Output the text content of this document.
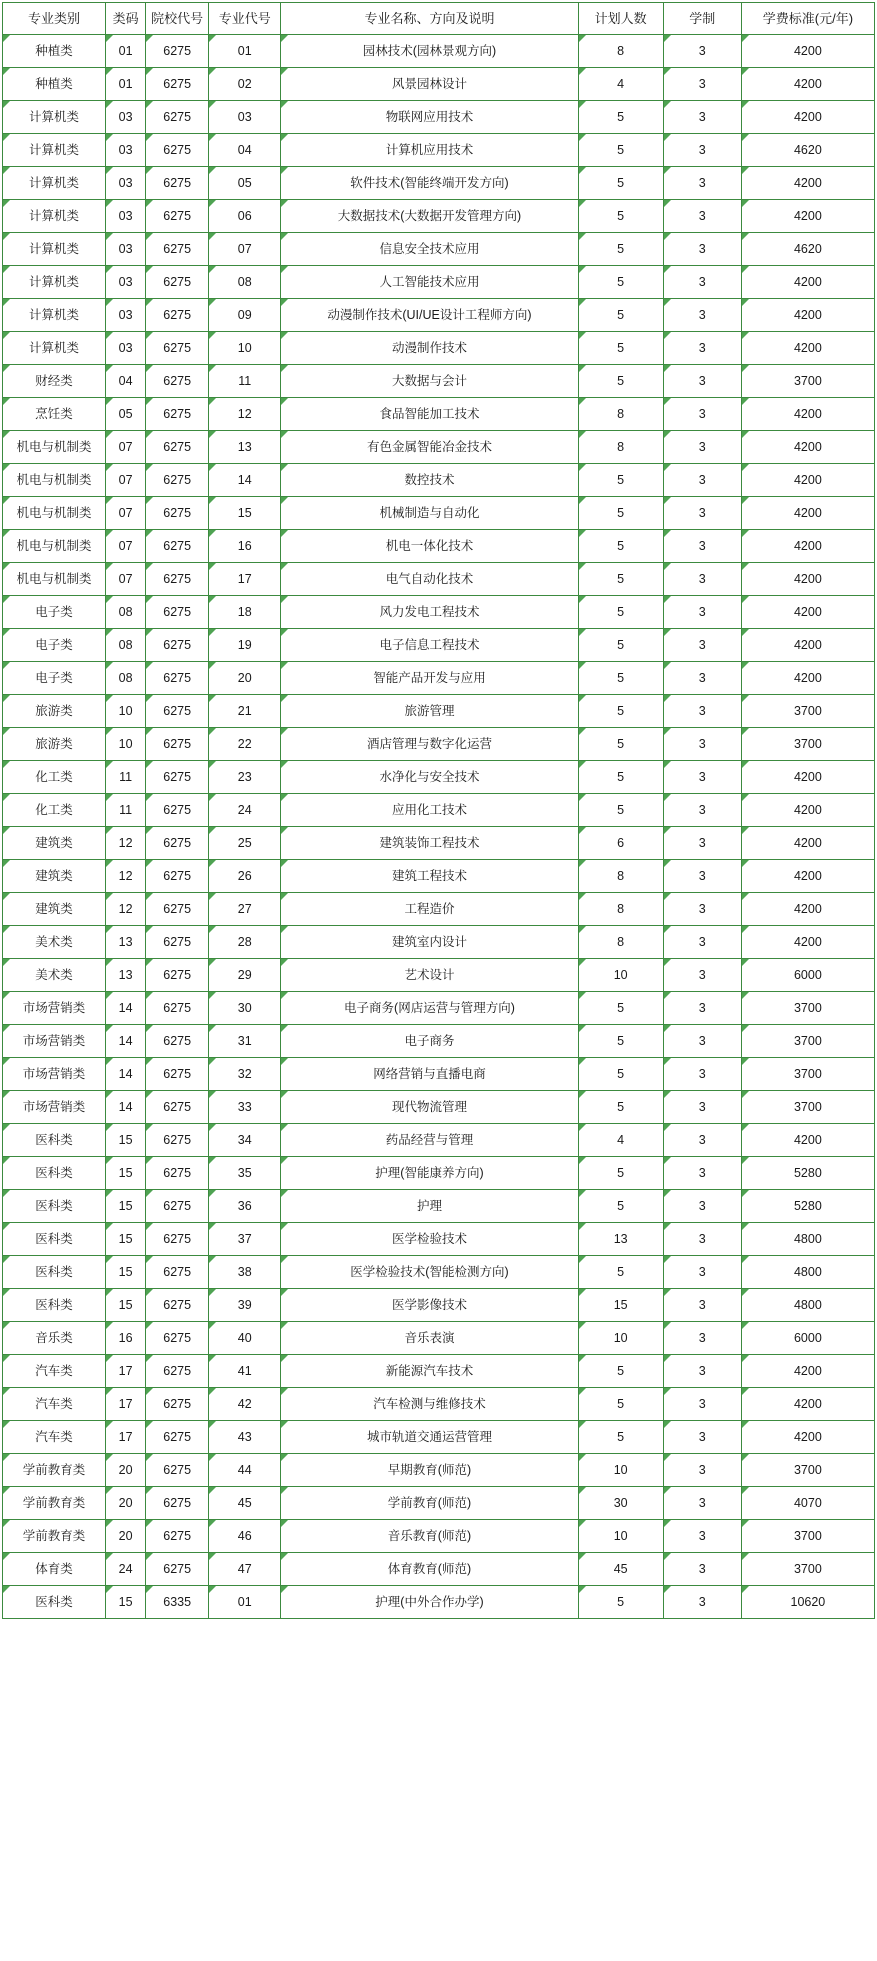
专业类别	类码	院校代号	专业代号	专业名称、方向及说明	计划人数	学制	学费标准(元/年)
种植类	01	6275	01	园林技术(园林景观方向)	8	3	4200
种植类	01	6275	02	风景园林设计	4	3	4200
计算机类	03	6275	03	物联网应用技术	5	3	4200
计算机类	03	6275	04	计算机应用技术	5	3	4620
计算机类	03	6275	05	软件技术(智能终端开发方向)	5	3	4200
计算机类	03	6275	06	大数据技术(大数据开发管理方向)	5	3	4200
计算机类	03	6275	07	信息安全技术应用	5	3	4620
计算机类	03	6275	08	人工智能技术应用	5	3	4200
计算机类	03	6275	09	动漫制作技术(UI/UE设计工程师方向)	5	3	4200
计算机类	03	6275	10	动漫制作技术	5	3	4200
财经类	04	6275	11	大数据与会计	5	3	3700
烹饪类	05	6275	12	食品智能加工技术	8	3	4200
机电与机制类	07	6275	13	有色金属智能冶金技术	8	3	4200
机电与机制类	07	6275	14	数控技术	5	3	4200
机电与机制类	07	6275	15	机械制造与自动化	5	3	4200
机电与机制类	07	6275	16	机电一体化技术	5	3	4200
机电与机制类	07	6275	17	电气自动化技术	5	3	4200
电子类	08	6275	18	风力发电工程技术	5	3	4200
电子类	08	6275	19	电子信息工程技术	5	3	4200
电子类	08	6275	20	智能产品开发与应用	5	3	4200
旅游类	10	6275	21	旅游管理	5	3	3700
旅游类	10	6275	22	酒店管理与数字化运营	5	3	3700
化工类	11	6275	23	水净化与安全技术	5	3	4200
化工类	11	6275	24	应用化工技术	5	3	4200
建筑类	12	6275	25	建筑装饰工程技术	6	3	4200
建筑类	12	6275	26	建筑工程技术	8	3	4200
建筑类	12	6275	27	工程造价	8	3	4200
美术类	13	6275	28	建筑室内设计	8	3	4200
美术类	13	6275	29	艺术设计	10	3	6000
市场营销类	14	6275	30	电子商务(网店运营与管理方向)	5	3	3700
市场营销类	14	6275	31	电子商务	5	3	3700
市场营销类	14	6275	32	网络营销与直播电商	5	3	3700
市场营销类	14	6275	33	现代物流管理	5	3	3700
医科类	15	6275	34	药品经营与管理	4	3	4200
医科类	15	6275	35	护理(智能康养方向)	5	3	5280
医科类	15	6275	36	护理	5	3	5280
医科类	15	6275	37	医学检验技术	13	3	4800
医科类	15	6275	38	医学检验技术(智能检测方向)	5	3	4800
医科类	15	6275	39	医学影像技术	15	3	4800
音乐类	16	6275	40	音乐表演	10	3	6000
汽车类	17	6275	41	新能源汽车技术	5	3	4200
汽车类	17	6275	42	汽车检测与维修技术	5	3	4200
汽车类	17	6275	43	城市轨道交通运营管理	5	3	4200
学前教育类	20	6275	44	早期教育(师范)	10	3	3700
学前教育类	20	6275	45	学前教育(师范)	30	3	4070
学前教育类	20	6275	46	音乐教育(师范)	10	3	3700
体育类	24	6275	47	体育教育(师范)	45	3	3700
医科类	15	6335	01	护理(中外合作办学)	5	3	10620
